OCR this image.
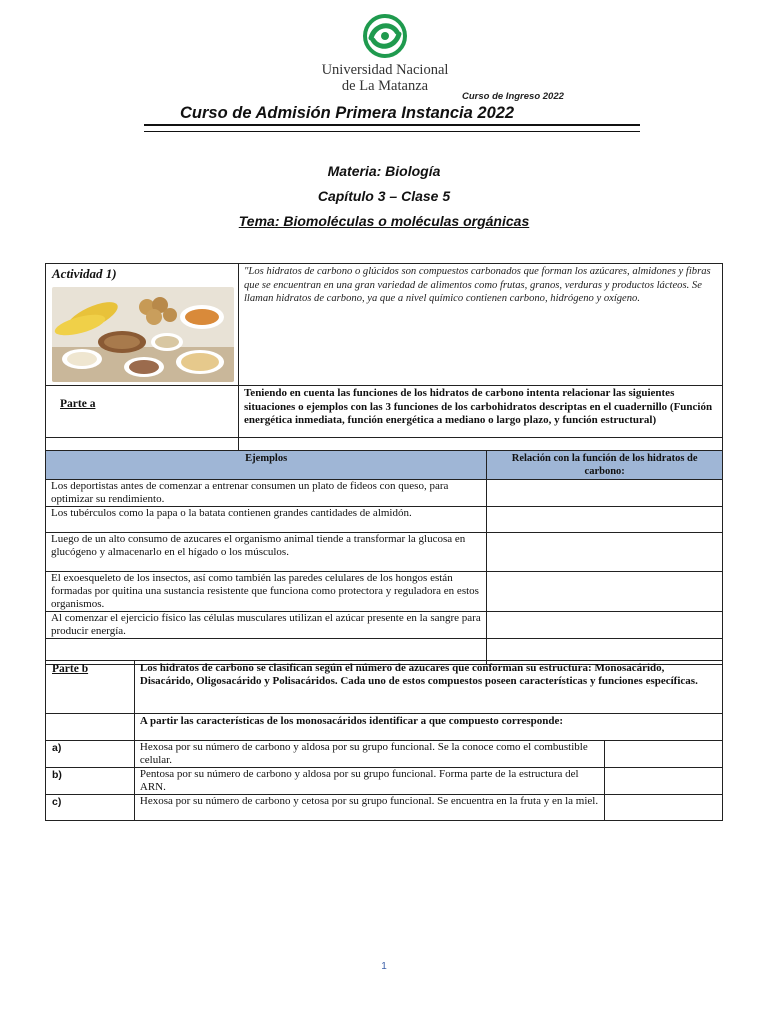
Universidad Nacional
de La Matanza
Curso de Ingreso 2022
Curso de Admisión Primera Instancia 2022
Materia: Biología
Capítulo 3 – Clase 5
Tema: Biomoléculas o moléculas orgánicas
Actividad 1)	"Los hidratos de carbono o glúcidos son compuestos carbonados que forman los azúcares, almidones y fibras que se encuentran en una gran variedad de alimentos como frutas, granos, verduras y productos lácteos. Se llaman hidratos de carbono, ya que a nivel químico contienen carbono, hidrógeno y oxígeno.

Parte a	Teniendo en cuenta las funciones de los hidratos de carbono intenta relacionar las siguientes situaciones o ejemplos con las 3 funciones de los carbohidratos descriptas en el cuadernillo (Función energética inmediata, función energética a mediano o largo plazo, y función estructural)

Ejemplos	Relación con la función de los hidratos de carbono:
Los deportistas antes de comenzar a entrenar consumen un plato de fideos con queso, para optimizar su rendimiento.	
Los tubérculos como la papa o la batata contienen grandes cantidades de almidón.	
Luego de un alto consumo de azucares el organismo animal tiende a transformar la glucosa en glucógeno y almacenarlo en el hígado o los músculos.	
El exoesqueleto de los insectos, así como también las paredes celulares de los hongos están formadas por quitina una sustancia resistente que funciona como protectora y reguladora en estos organismos.	
Al comenzar el ejercicio físico las células musculares utilizan el azúcar presente en la sangre para producir energía.	

Parte b	Los hidratos de carbono se clasifican según el número de azucares que conforman su estructura: Monosacárido, Disacárido, Oligosacárido y Polisacáridos. Cada uno de estos compuestos poseen características y funciones específicas.	

	A partir las características de los monosacáridos identificar a que compuesto corresponde:	

a)	Hexosa por su número de carbono y aldosa por su grupo funcional. Se la conoce como el combustible celular.	
b)	Pentosa por su número de carbono y aldosa por su grupo funcional. Forma parte de la estructura del ARN.	
c)	Hexosa por su número de carbono y cetosa por su grupo funcional. Se encuentra en la fruta y en la miel.	
1
